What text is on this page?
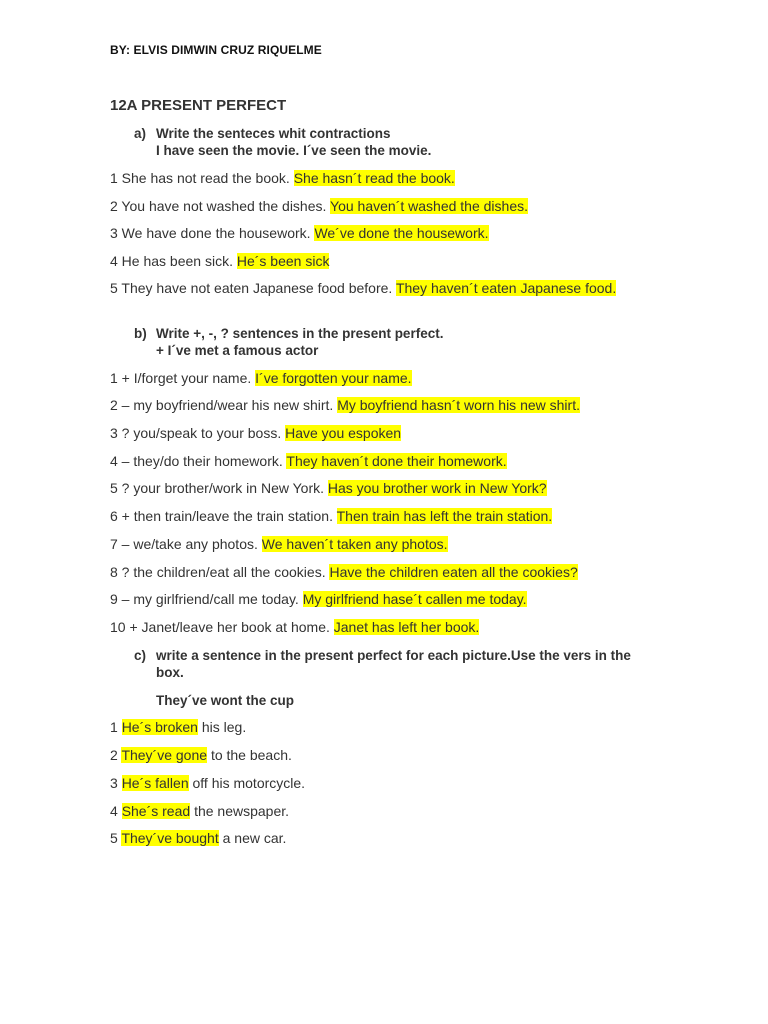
BY: ELVIS DIMWIN CRUZ RIQUELME
12A PRESENT PERFECT
a) Write the senteces whit contractions
I have seen the movie. I´ve seen the movie.
1 She has not read the book. She hasn´t read the book.
2 You have not washed the dishes. You haven´t washed the dishes.
3 We have done the housework. We´ve done the housework.
4 He has been sick. He´s been sick
5 They have not eaten Japanese food before. They haven´t eaten Japanese food.
b) Write +, -, ? sentences in the present perfect.
+ I´ve met a famous actor
1 + I/forget your name. I´ve forgotten your name.
2 – my boyfriend/wear his new shirt. My boyfriend hasn´t worn his new shirt.
3 ? you/speak to your boss. Have you espoken
4 – they/do their homework. They haven´t done their homework.
5 ? your brother/work in New York. Has you brother work in New York?
6 + then train/leave the train station. Then train has left the train station.
7 – we/take any photos. We haven´t taken any photos.
8 ? the children/eat all the cookies. Have the children eaten all the cookies?
9 – my girlfriend/call me today. My girlfriend hase´t callen me today.
10 + Janet/leave her book at home. Janet has left her book.
c) write a sentence in the present perfect for each picture.Use the vers in the box.
They´ve wont the cup
1 He´s broken his leg.
2 They´ve gone to the beach.
3 He´s fallen off his motorcycle.
4 She´s read the newspaper.
5 They´ve bought a new car.
